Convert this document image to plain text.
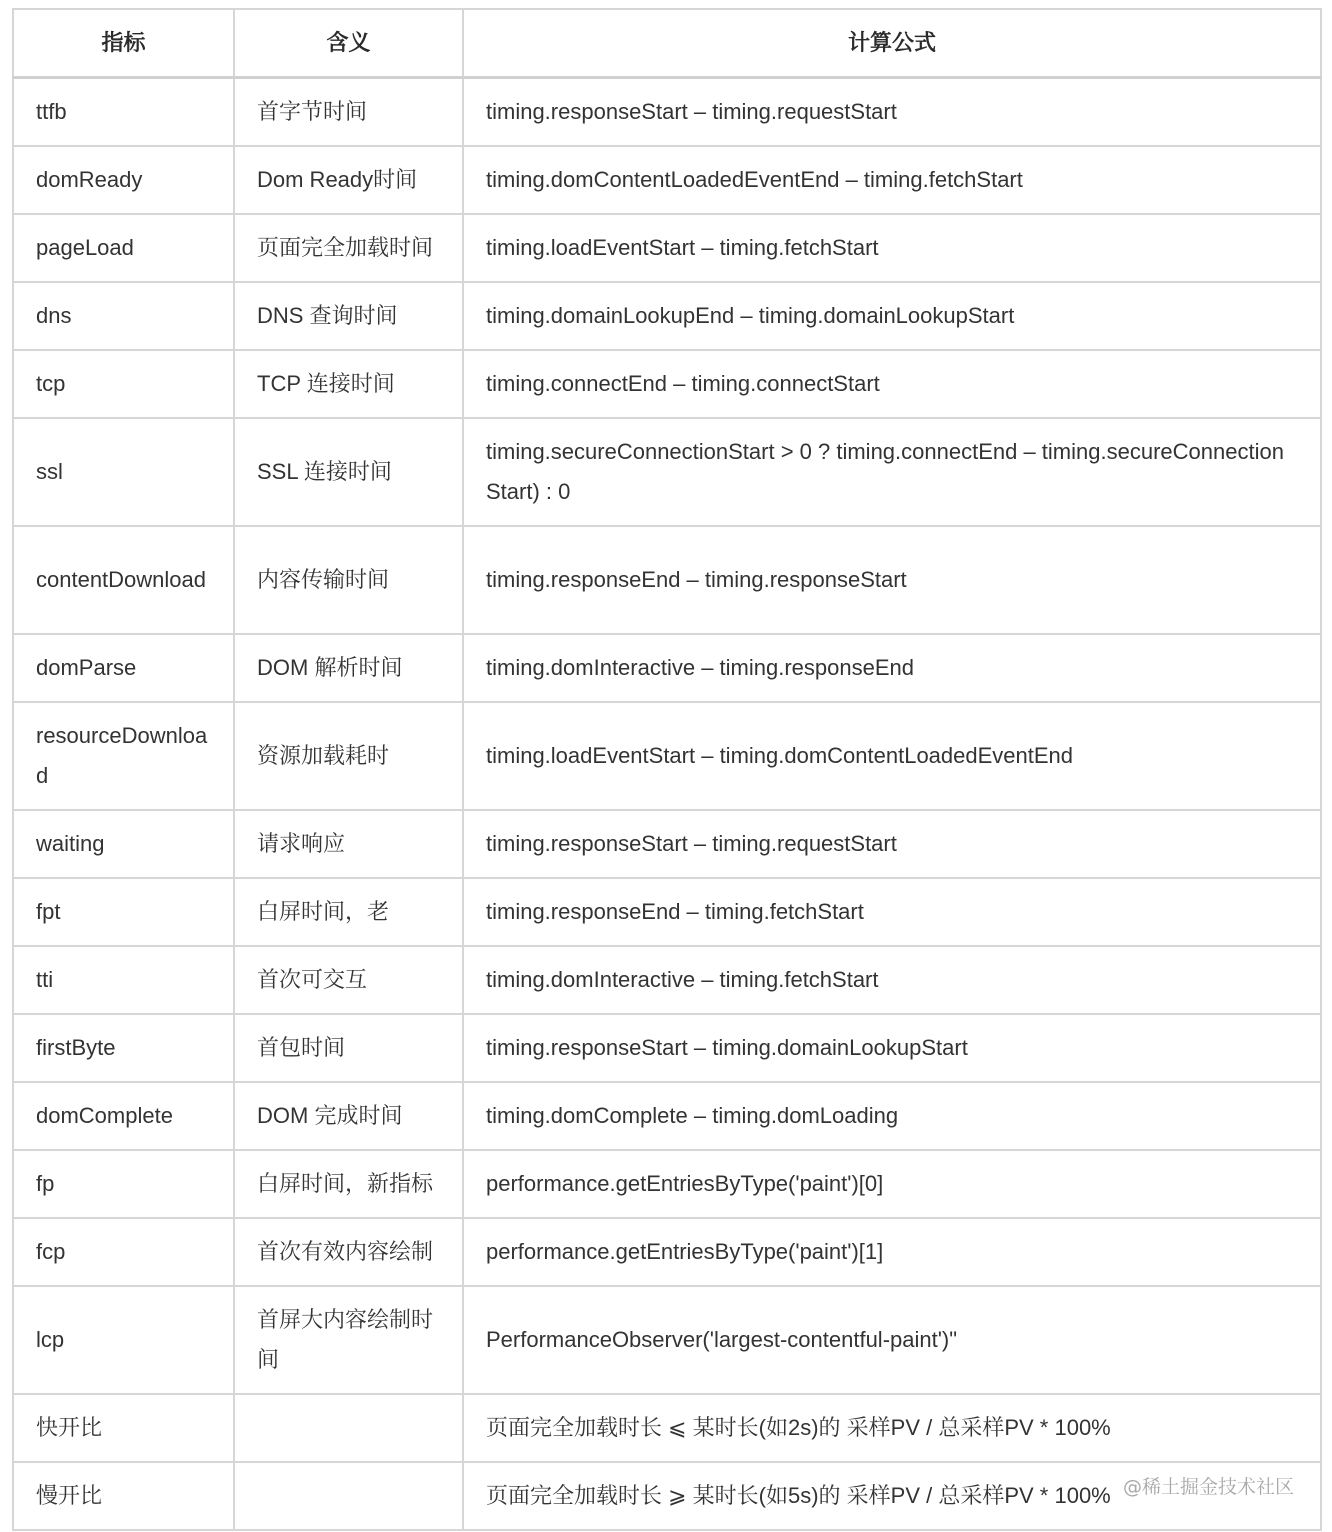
指标	含义	计算公式
ttfb	首字节时间	timing.responseStart – timing.requestStart
domReady	Dom Ready时间	timing.domContentLoadedEventEnd – timing.fetchStart
pageLoad	页面完全加载时间	timing.loadEventStart – timing.fetchStart
dns	DNS 查询时间	timing.domainLookupEnd – timing.domainLookupStart
tcp	TCP 连接时间	timing.connectEnd – timing.connectStart
ssl	SSL 连接时间	timing.secureConnectionStart > 0 ? timing.connectEnd – timing.secureConnectionStart) : 0
contentDownload	内容传输时间	timing.responseEnd – timing.responseStart
domParse	DOM 解析时间	timing.domInteractive – timing.responseEnd
resourceDownload	资源加载耗时	timing.loadEventStart – timing.domContentLoadedEventEnd
waiting	请求响应	timing.responseStart – timing.requestStart
fpt	白屏时间，老	timing.responseEnd – timing.fetchStart
tti	首次可交互	timing.domInteractive – timing.fetchStart
firstByte	首包时间	timing.responseStart – timing.domainLookupStart
domComplete	DOM 完成时间	timing.domComplete – timing.domLoading
fp	白屏时间，新指标	performance.getEntriesByType('paint')[0]
fcp	首次有效内容绘制	performance.getEntriesByType('paint')[1]
lcp	首屏大内容绘制时间	PerformanceObserver('largest-contentful-paint')"
快开比		页面完全加载时长 ⩽ 某时长(如2s)的 采样PV / 总采样PV * 100%
慢开比		页面完全加载时长 ⩾ 某时长(如5s)的 采样PV / 总采样PV * 100% @稀土掘金技术社区
